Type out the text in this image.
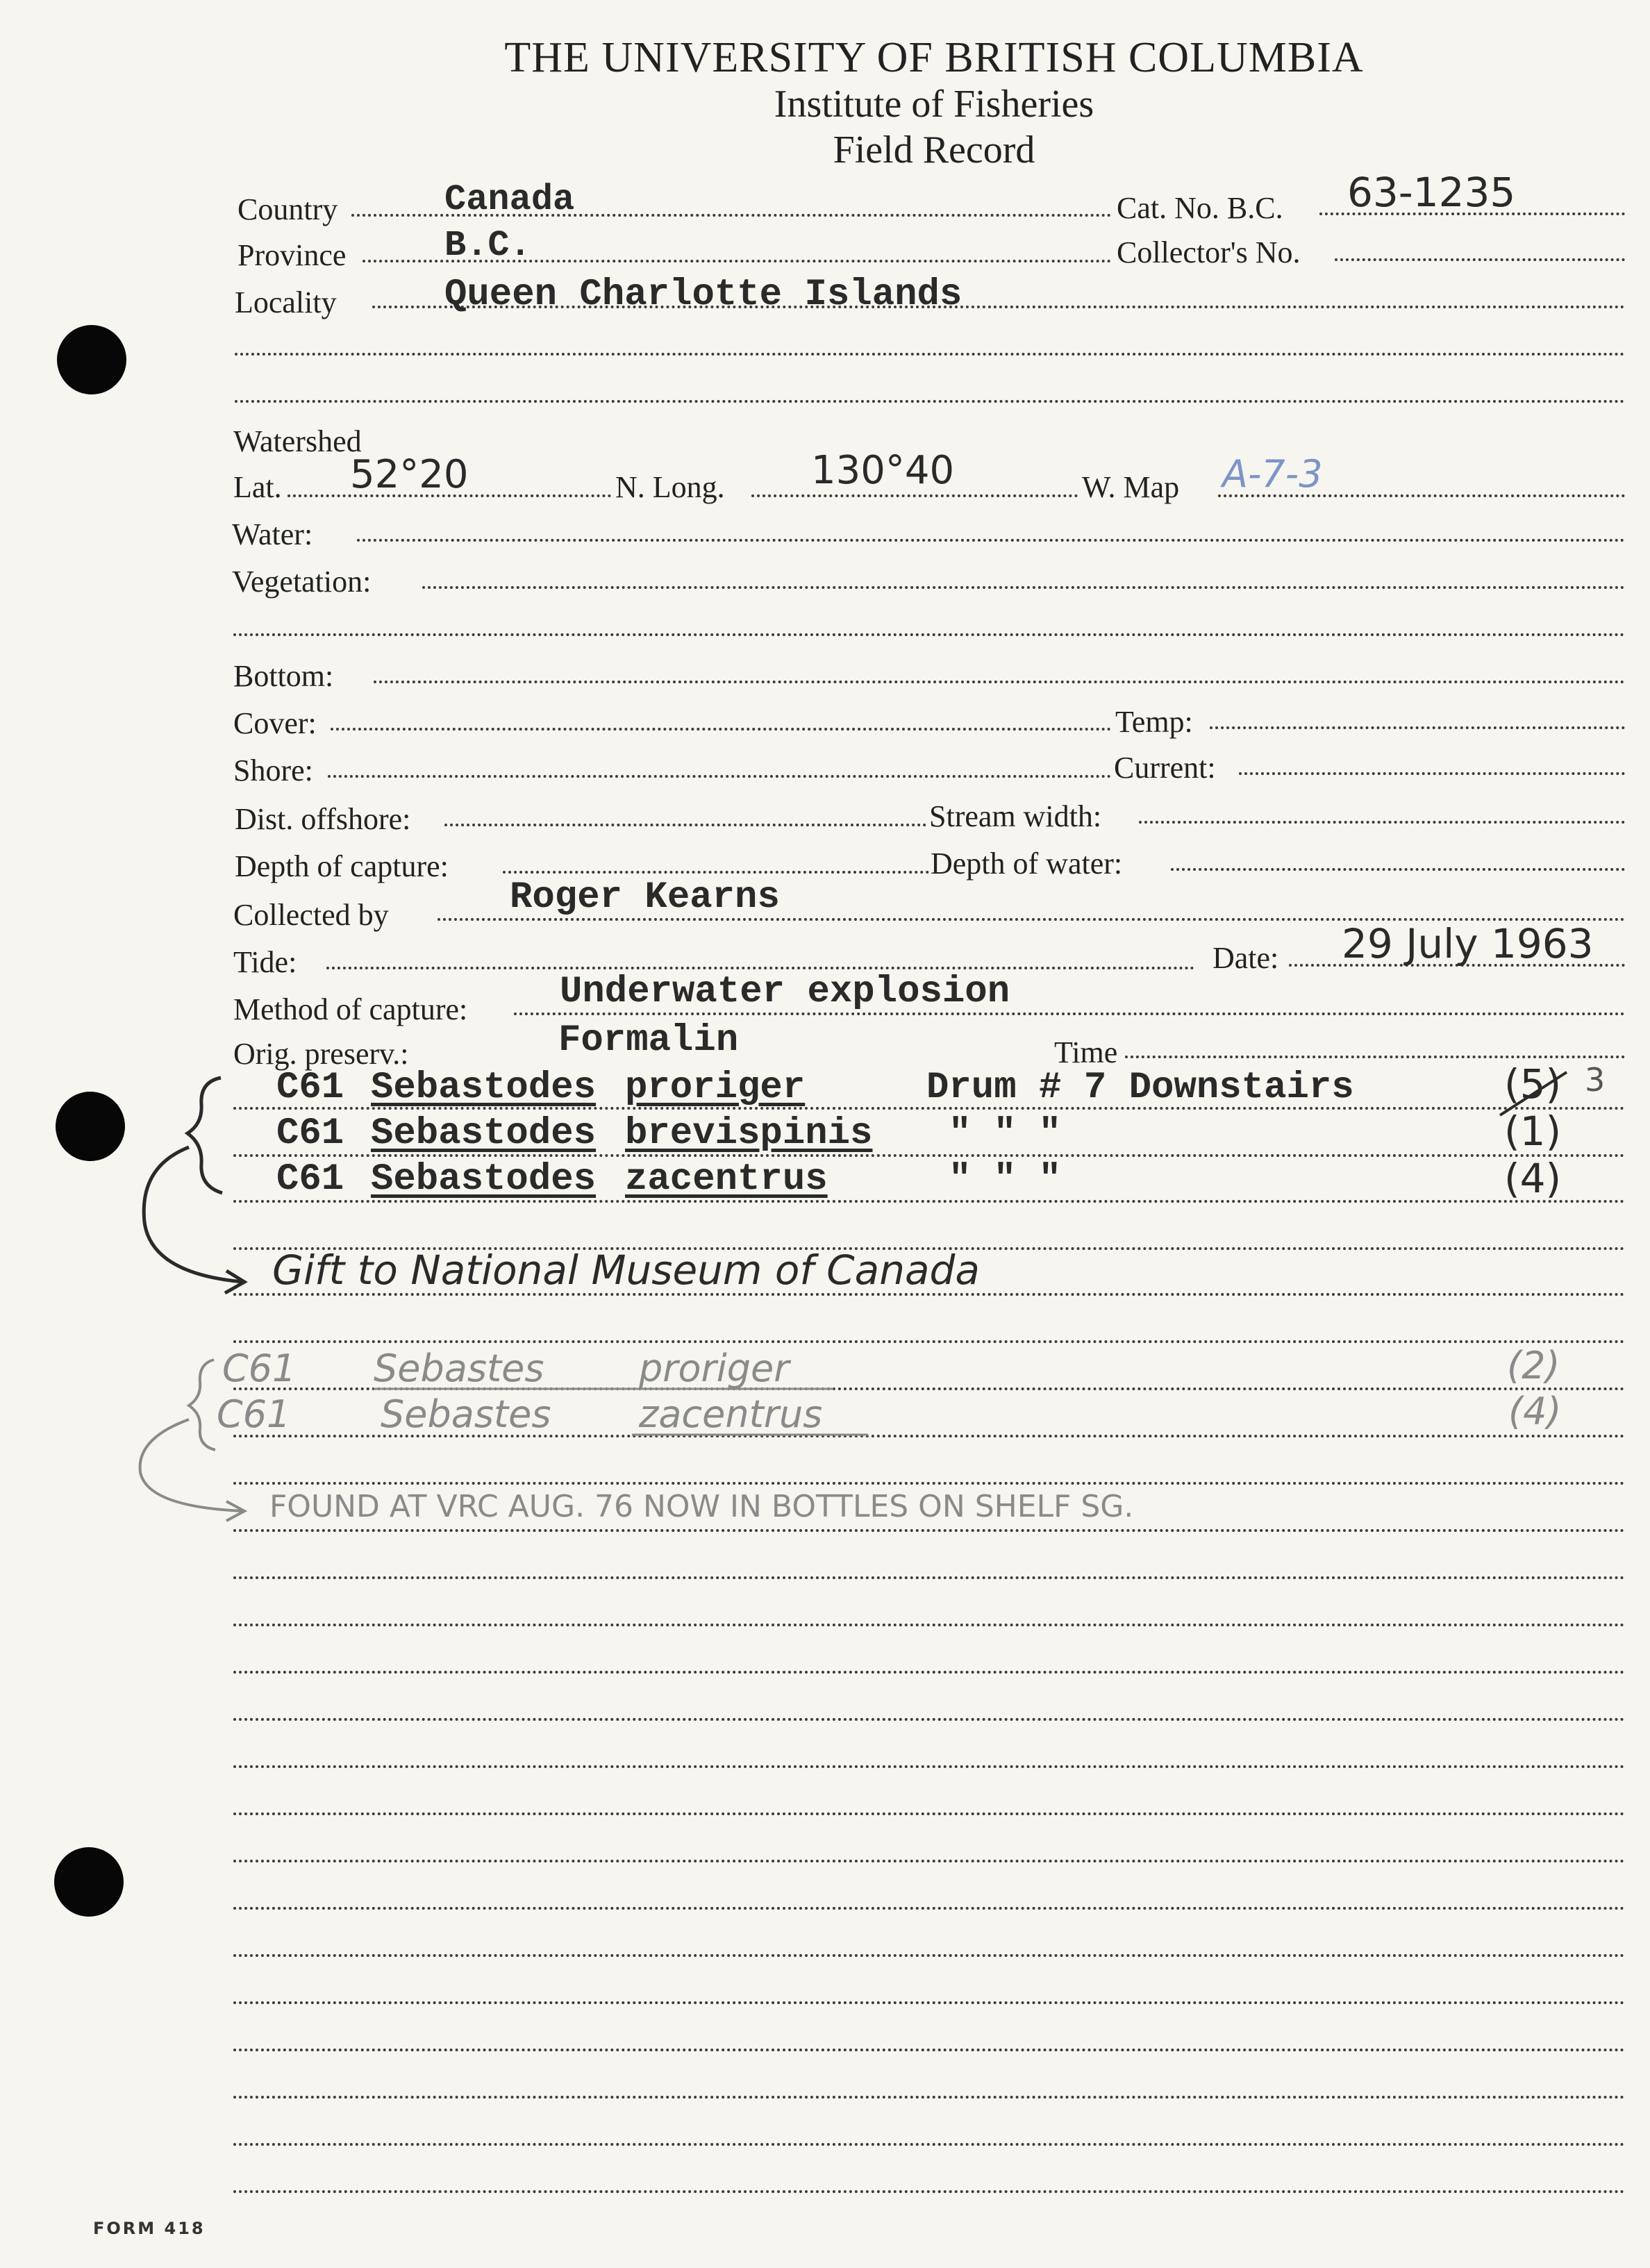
THE UNIVERSITY OF BRITISH COLUMBIA
Institute of Fisheries
Field Record
Country	Canada	Cat. No. B.C. 63-1235
Province	B.C.	Collector's No.
Locality	Queen Charlotte Islands
Watershed
Lat. 52°20	N. Long. 130°40	W. Map A-7-3
Water:
Vegetation:
Bottom:
Cover:	Temp:
Shore:	Current:
Dist. offshore:	Stream width:
Depth of capture:	Depth of water:
Collected by	Roger Kearns
Tide:	Date: 29 July 1963
Method of capture: Underwater explosion
Orig. preserv.:	Formalin	Time
C61 Sebastodes proriger	Drum # 7 Downstairs	(5) 3
C61 Sebastodes brevispinis " " "	(1)
C61 Sebastodes zacentrus	" " "	(4)
Gift to National Museum of Canada
C61 Sebastes	proriger	(2)
C61 Sebastes zacentrus	(4)
FOUND AT VRC AUG. 76 NOW IN BOTTLES ON SHELF SG.
FORM 418
